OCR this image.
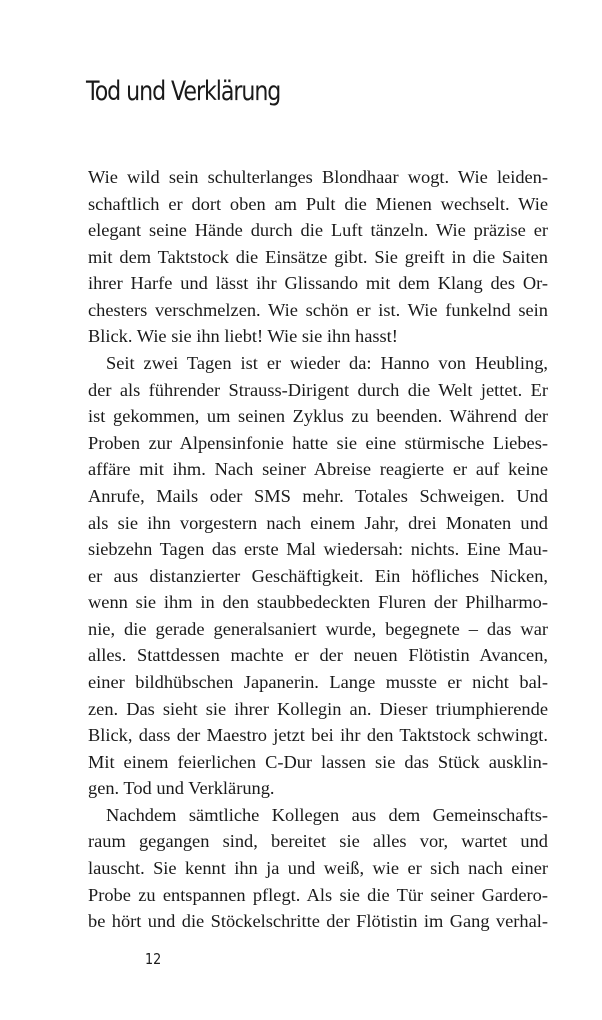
Tod und Verklärung
Wie wild sein schulterlanges Blondhaar wogt. Wie leiden-
schaftlich er dort oben am Pult die Mienen wechselt. Wie
elegant seine Hände durch die Luft tänzeln. Wie präzise er
mit dem Taktstock die Einsätze gibt. Sie greift in die Saiten
ihrer Harfe und lässt ihr Glissando mit dem Klang des Or-
chesters verschmelzen. Wie schön er ist. Wie funkelnd sein
Blick. Wie sie ihn liebt! Wie sie ihn hasst!
Seit zwei Tagen ist er wieder da: Hanno von Heubling,
der als führender Strauss-Dirigent durch die Welt jettet. Er
ist gekommen, um seinen Zyklus zu beenden. Während der
Proben zur Alpensinfonie hatte sie eine stürmische Liebes-
affäre mit ihm. Nach seiner Abreise reagierte er auf keine
Anrufe, Mails oder SMS mehr. Totales Schweigen. Und
als sie ihn vorgestern nach einem Jahr, drei Monaten und
siebzehn Tagen das erste Mal wiedersah: nichts. Eine Mau-
er aus distanzierter Geschäftigkeit. Ein höfliches Nicken,
wenn sie ihm in den staubbedeckten Fluren der Philharmo-
nie, die gerade generalsaniert wurde, begegnete – das war
alles. Stattdessen machte er der neuen Flötistin Avancen,
einer bildhübschen Japanerin. Lange musste er nicht bal-
zen. Das sieht sie ihrer Kollegin an. Dieser triumphierende
Blick, dass der Maestro jetzt bei ihr den Taktstock schwingt.
Mit einem feierlichen C-Dur lassen sie das Stück ausklin-
gen. Tod und Verklärung.
Nachdem sämtliche Kollegen aus dem Gemeinschafts-
raum gegangen sind, bereitet sie alles vor, wartet und
lauscht. Sie kennt ihn ja und weiß, wie er sich nach einer
Probe zu entspannen pflegt. Als sie die Tür seiner Gardero-
be hört und die Stöckelschritte der Flötistin im Gang verhal-
12
